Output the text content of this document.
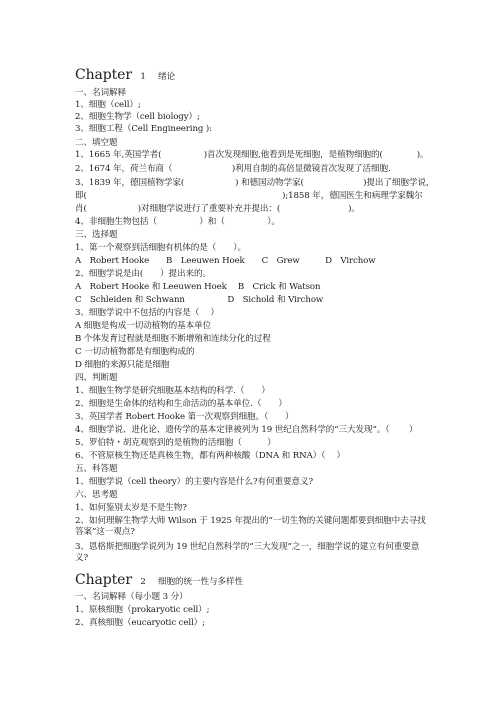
Chapter 1 绪论
一、名词解释
1、细胞（cell）;
2、细胞生物学（cell biology）;
3、细胞工程（Cell Engineering ):
二、填空题
1、1665 年,英国学者(　　　　　)首次发现细胞,他看到是死细胞，是植物细胞的(　　　　)。
2、1674 年，荷兰布商（　　　　　　　)利用自制的高倍显微镜首次发现了活细胞.
3、1839 年，德国植物学家(　　　　　　) 和德国动物学家(　　　　　　　)提出了细胞学说，
即(　　　　　　　　　　　　　　　　　　　　　　　);1858 年，德国医生和病理学家魏尔
肖(　　　　　　)对细胞学说进行了重要补充并提出：(　　　　　　　　)。
4、非细胞生物包括（　　　　　）和（　　　　　）。
三、选择题
1、第一个观察到活细胞有机体的是（　　）。
A　Robert Hooke　　B　Leeuwen Hoek　　C　Grew　　　D　Virchow
2、细胞学说是由(　　）提出来的。
A　Robert Hooke 和 Leeuwen Hoek　 B　Crick 和 Watson
C　Schleiden 和 Schwann　　　　　D　Sichold 和 Virchow
3、细胞学说中不包括的内容是（　 ）
A 细胞是构成一切动植物的基本单位
B 个体发育过程就是细胞不断增殖和连续分化的过程
C 一切动植物都是有细胞构成的
D 细胞的来源只能是细胞
四、判断题
1、细胞生物学是研究细胞基本结构的科学.（　　）
2、细胞是生命体的结构和生命活动的基本单位.（　　）
3、英国学者 Robert Hooke 第一次观察到细胞。（　　）
4、细胞学说、进化论、遗传学的基本定律被列为 19 世纪自然科学的“三大发现”。（　　 ）
5、罗伯特・胡克观察到的是植物的活细胞（　　　）
6、不管原核生物还是真核生物，都有两种核酸（DNA 和 RNA）（　 ）
五、科答题
1、细胞学说（cell theory）的主要内容是什么?有何重要意义?
六、思考题
1、如何鉴别太岁是不是生物?
2、如何理解生物学大师 Wilson 于 1925 年提出的“一切生物的关键问题都要到细胞中去寻找答案”这一观点?
3、恩格斯把细胞学说列为 19 世纪自然科学的“三大发现”之一，细胞学说的建立有何重要意义?
Chapter 2 细胞的统一性与多样性
一、名词解释（每小题 3 分）
1、原核细胞（prokaryotic cell）;
2、真核细胞（eucaryotic cell）;
